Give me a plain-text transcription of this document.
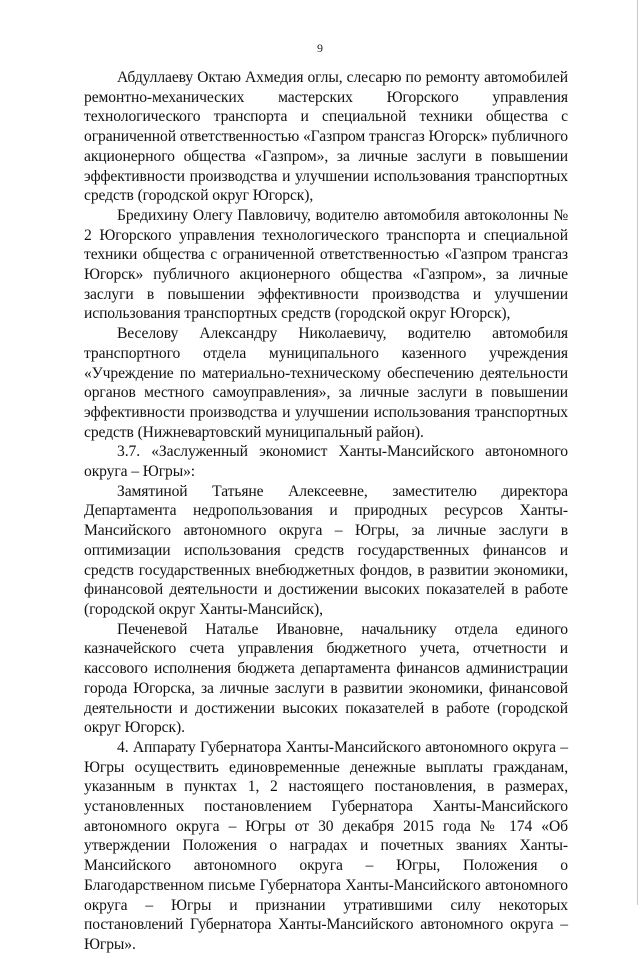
9

Абдуллаеву Октаю Ахмедия оглы, слесарю по ремонту автомобилей ремонтно-механических мастерских Югорского управления технологического транспорта и специальной техники общества с ограниченной ответственностью «Газпром трансгаз Югорск» публичного акционерного общества «Газпром», за личные заслуги в повышении эффективности производства и улучшении использования транспортных средств (городской округ Югорск),

Бредихину Олегу Павловичу, водителю автомобиля автоколонны № 2 Югорского управления технологического транспорта и специальной техники общества с ограниченной ответственностью «Газпром трансгаз Югорск» публичного акционерного общества «Газпром», за личные заслуги в повышении эффективности производства и улучшении использования транспортных средств (городской округ Югорск),

Веселову Александру Николаевичу, водителю автомобиля транспортного отдела муниципального казенного учреждения «Учреждение по материально-техническому обеспечению деятельности органов местного самоуправления», за личные заслуги в повышении эффективности производства и улучшении использования транспортных средств (Нижневартовский муниципальный район).

3.7. «Заслуженный экономист Ханты-Мансийского автономного округа – Югры»:

Замятиной Татьяне Алексеевне, заместителю директора Департамента недропользования и природных ресурсов Ханты-Мансийского автономного округа – Югры, за личные заслуги в оптимизации использования средств государственных финансов и средств государственных внебюджетных фондов, в развитии экономики, финансовой деятельности и достижении высоких показателей в работе (городской округ Ханты-Мансийск),

Печеневой Наталье Ивановне, начальнику отдела единого казначейского счета управления бюджетного учета, отчетности и кассового исполнения бюджета департамента финансов администрации города Югорска, за личные заслуги в развитии экономики, финансовой деятельности и достижении высоких показателей в работе (городской округ Югорск).

4. Аппарату Губернатора Ханты-Мансийского автономного округа – Югры осуществить единовременные денежные выплаты гражданам, указанным в пунктах 1, 2 настоящего постановления, в размерах, установленных постановлением Губернатора Ханты-Мансийского автономного округа – Югры от 30 декабря 2015 года № 174 «Об утверждении Положения о наградах и почетных званиях Ханты-Мансийского автономного округа – Югры, Положения о Благодарственном письме Губернатора Ханты-Мансийского автономного округа – Югры и признании утратившими силу некоторых постановлений Губернатора Ханты-Мансийского автономного округа – Югры».
